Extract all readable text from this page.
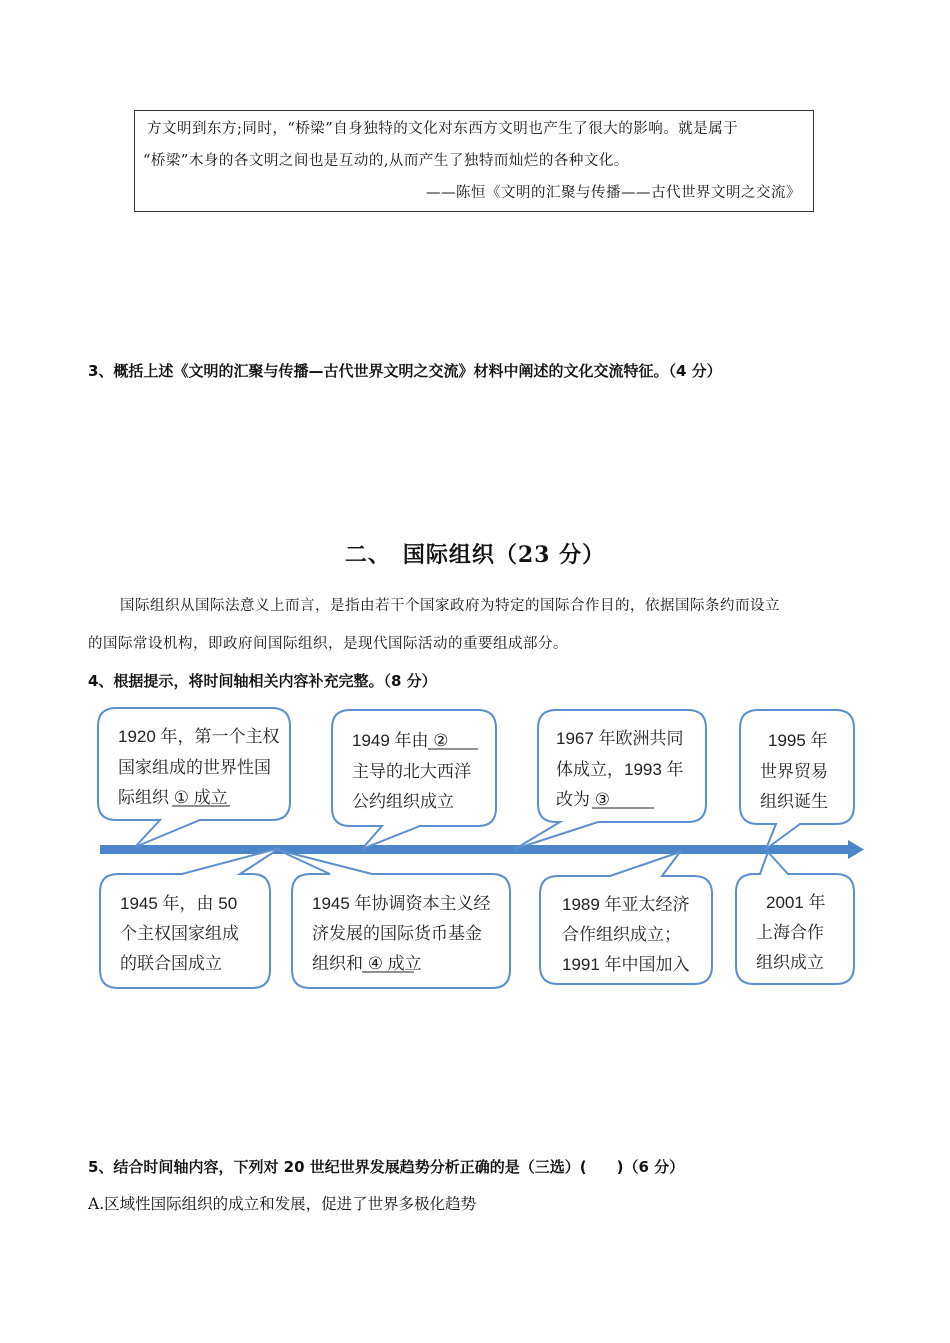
方文明到东方;同时，“桥梁”自身独特的文化对东西方文明也产生了很大的影响。就是属于
“桥梁”木身的各文明之间也是互动的,从而产生了独特而灿烂的各种文化。
——陈恒《文明的汇聚与传播——古代世界文明之交流》
3、概括上述《文明的汇聚与传播—古代世界文明之交流》材料中阐述的文化交流特征。（4 分）
二、　国际组织（23 分）
国际组织从国际法意义上而言，是指由若干个国家政府为特定的国际合作目的，依据国际条约而设立
的国际常设机构，即政府间国际组织，是现代国际活动的重要组成部分。
4、根据提示，将时间轴相关内容补充完整。（8 分）
1920 年，第一个主权
国家组成的世界性国
际组织 ① 成立
1949 年由 ②
主导的北大西洋
公约组织成立
1967 年欧洲共同
体成立，1993 年
改为 ③
1995 年
世界贸易
组织诞生
1945 年，由 50
个主权国家组成
的联合国成立
1945 年协调资本主义经
济发展的国际货币基金
组织和 ④ 成立
1989 年亚太经济
合作组织成立；
1991 年中国加入
2001 年
上海合作
组织成立
5、结合时间轴内容，下列对 20 世纪世界发展趋势分析正确的是（三选）(　　)（6 分）
A.区域性国际组织的成立和发展，促进了世界多极化趋势
